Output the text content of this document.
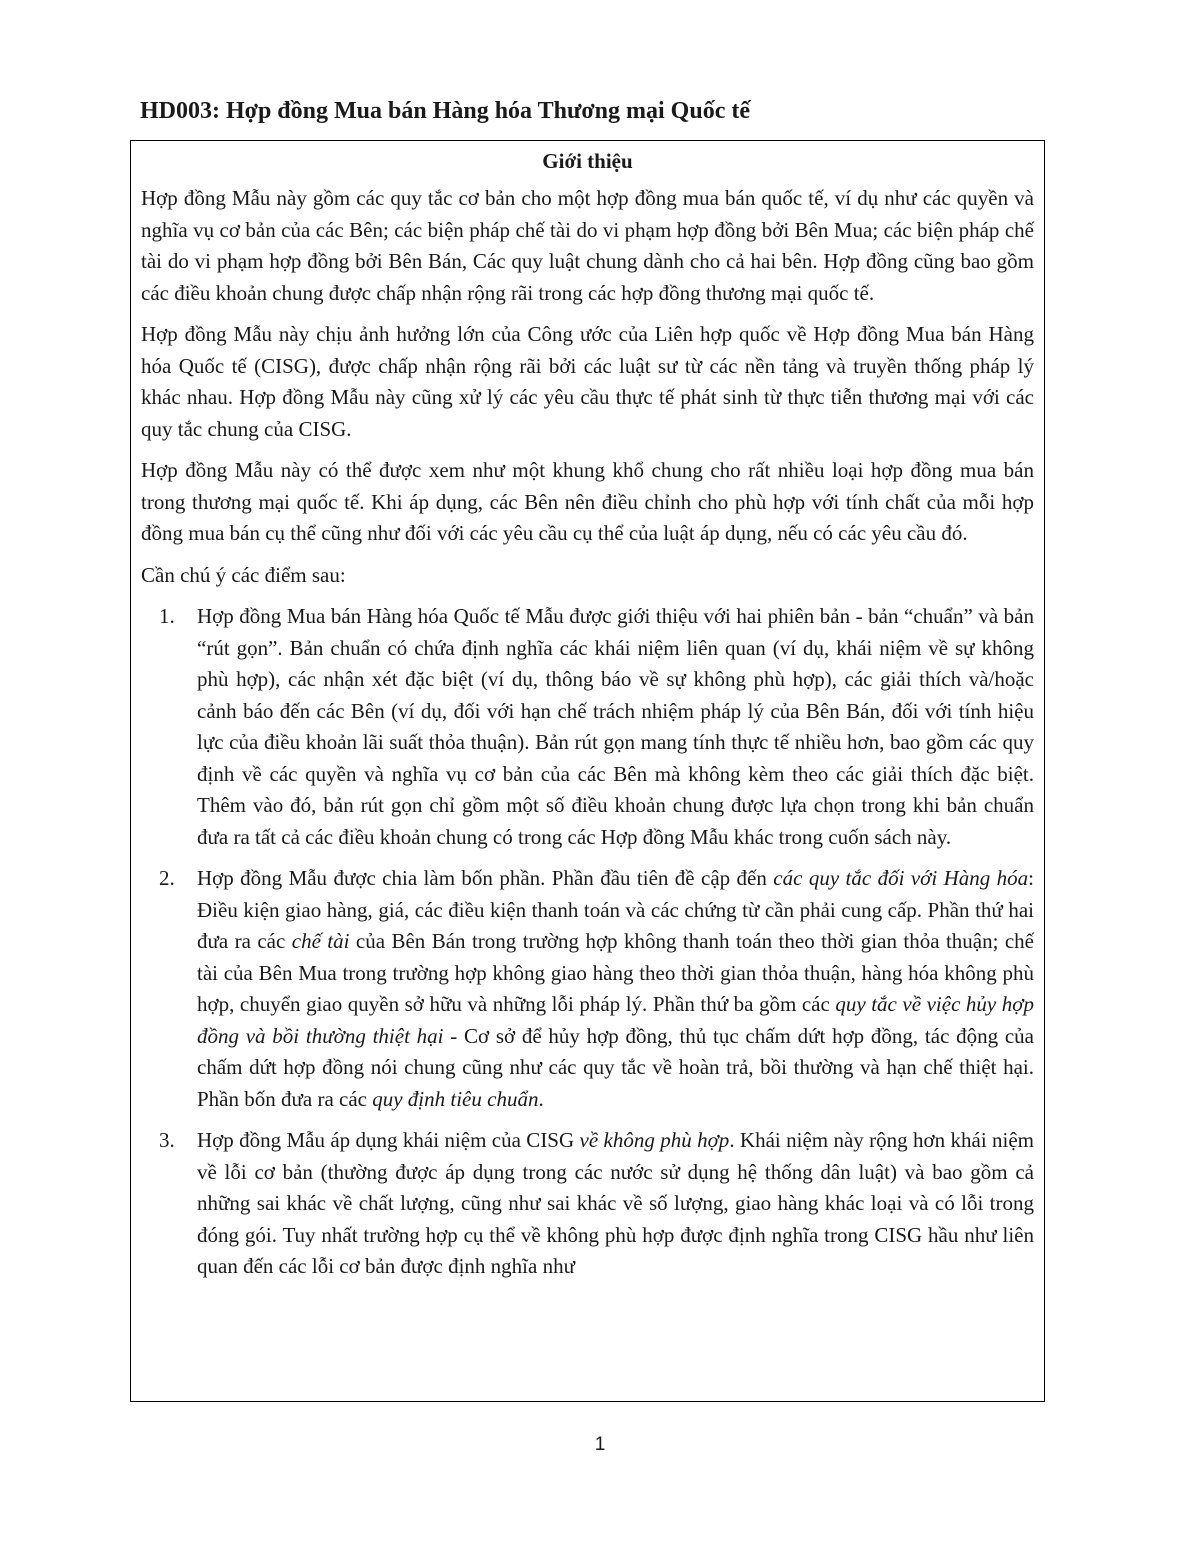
HD003: Hợp đồng Mua bán Hàng hóa Thương mại Quốc tế
Giới thiệu

Hợp đồng Mẫu này gồm các quy tắc cơ bản cho một hợp đồng mua bán quốc tế, ví dụ như các quyền và nghĩa vụ cơ bản của các Bên; các biện pháp chế tài do vi phạm hợp đồng bởi Bên Mua; các biện pháp chế tài do vi phạm hợp đồng bởi Bên Bán, Các quy luật chung dành cho cả hai bên. Hợp đồng cũng bao gồm các điều khoản chung được chấp nhận rộng rãi trong các hợp đồng thương mại quốc tế.

Hợp đồng Mẫu này chịu ảnh hưởng lớn của Công ước của Liên hợp quốc về Hợp đồng Mua bán Hàng hóa Quốc tế (CISG), được chấp nhận rộng rãi bởi các luật sư từ các nền tảng và truyền thống pháp lý khác nhau. Hợp đồng Mẫu này cũng xử lý các yêu cầu thực tế phát sinh từ thực tiễn thương mại với các quy tắc chung của CISG.

Hợp đồng Mẫu này có thể được xem như một khung khổ chung cho rất nhiều loại hợp đồng mua bán trong thương mại quốc tế. Khi áp dụng, các Bên nên điều chỉnh cho phù hợp với tính chất của mỗi hợp đồng mua bán cụ thể cũng như đối với các yêu cầu cụ thể của luật áp dụng, nếu có các yêu cầu đó.

Cần chú ý các điểm sau:

1.	Hợp đồng Mua bán Hàng hóa Quốc tế Mẫu được giới thiệu với hai phiên bản - bản “chuẩn” và bản “rút gọn”. Bản chuẩn có chứa định nghĩa các khái niệm liên quan (ví dụ, khái niệm về sự không phù hợp), các nhận xét đặc biệt (ví dụ, thông báo về sự không phù hợp), các giải thích và/hoặc cảnh báo đến các Bên (ví dụ, đối với hạn chế trách nhiệm pháp lý của Bên Bán, đối với tính hiệu lực của điều khoản lãi suất thỏa thuận). Bản rút gọn mang tính thực tế nhiều hơn, bao gồm các quy định về các quyền và nghĩa vụ cơ bản của các Bên mà không kèm theo các giải thích đặc biệt. Thêm vào đó, bản rút gọn chỉ gồm một số điều khoản chung được lựa chọn trong khi bản chuẩn đưa ra tất cả các điều khoản chung có trong các Hợp đồng Mẫu khác trong cuốn sách này.
2.	Hợp đồng Mẫu được chia làm bốn phần. Phần đầu tiên đề cập đến các quy tắc đối với Hàng hóa: Điều kiện giao hàng, giá, các điều kiện thanh toán và các chứng từ cần phải cung cấp. Phần thứ hai đưa ra các chế tài của Bên Bán trong trường hợp không thanh toán theo thời gian thỏa thuận; chế tài của Bên Mua trong trường hợp không giao hàng theo thời gian thỏa thuận, hàng hóa không phù hợp, chuyển giao quyền sở hữu và những lỗi pháp lý. Phần thứ ba gồm các quy tắc về việc hủy hợp đồng và bồi thường thiệt hại - Cơ sở để hủy hợp đồng, thủ tục chấm dứt hợp đồng, tác động của chấm dứt hợp đồng nói chung cũng như các quy tắc về hoàn trả, bồi thường và hạn chế thiệt hại. Phần bốn đưa ra các quy định tiêu chuẩn.
3.	Hợp đồng Mẫu áp dụng khái niệm của CISG về không phù hợp. Khái niệm này rộng hơn khái niệm về lỗi cơ bản (thường được áp dụng trong các nước sử dụng hệ thống dân luật) và bao gồm cả những sai khác về chất lượng, cũng như sai khác về số lượng, giao hàng khác loại và có lỗi trong đóng gói. Tuy nhất trường hợp cụ thể về không phù hợp được định nghĩa trong CISG hầu như liên quan đến các lỗi cơ bản được định nghĩa như
1
